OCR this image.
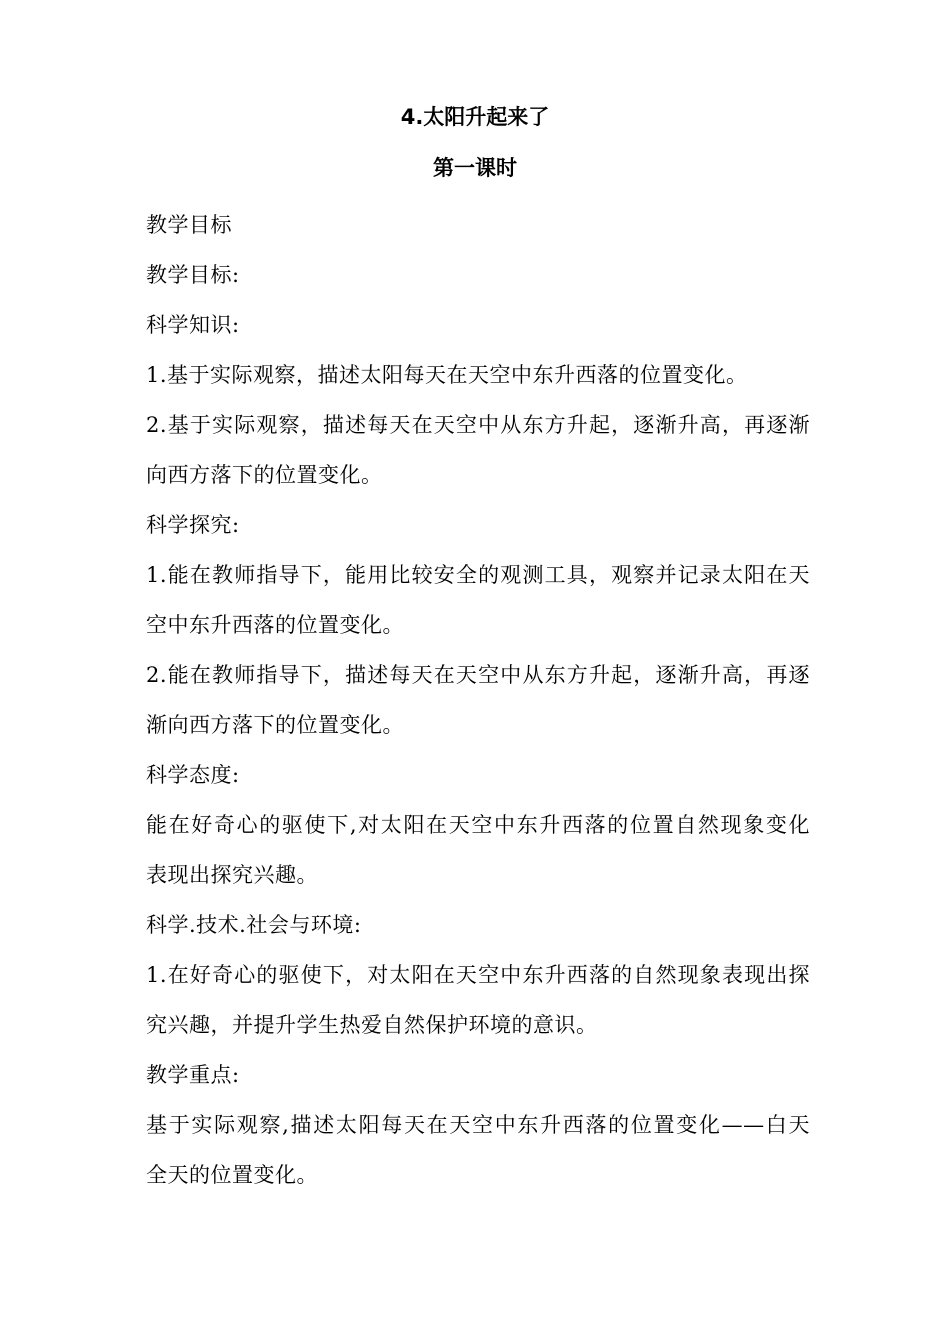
4.太阳升起来了
第一课时
教学目标
教学目标:
科学知识:
1.基于实际观察，描述太阳每天在天空中东升西落的位置变化。
2.基于实际观察，描述每天在天空中从东方升起，逐渐升高，再逐渐
向西方落下的位置变化。
科学探究:
1.能在教师指导下，能用比较安全的观测工具，观察并记录太阳在天
空中东升西落的位置变化。
2.能在教师指导下，描述每天在天空中从东方升起，逐渐升高，再逐
渐向西方落下的位置变化。
科学态度:
能在好奇心的驱使下,对太阳在天空中东升西落的位置自然现象变化
表现出探究兴趣。
科学.技术.社会与环境:
1.在好奇心的驱使下，对太阳在天空中东升西落的自然现象表现出探
究兴趣，并提升学生热爱自然保护环境的意识。
教学重点:
基于实际观察,描述太阳每天在天空中东升西落的位置变化——白天
全天的位置变化。
